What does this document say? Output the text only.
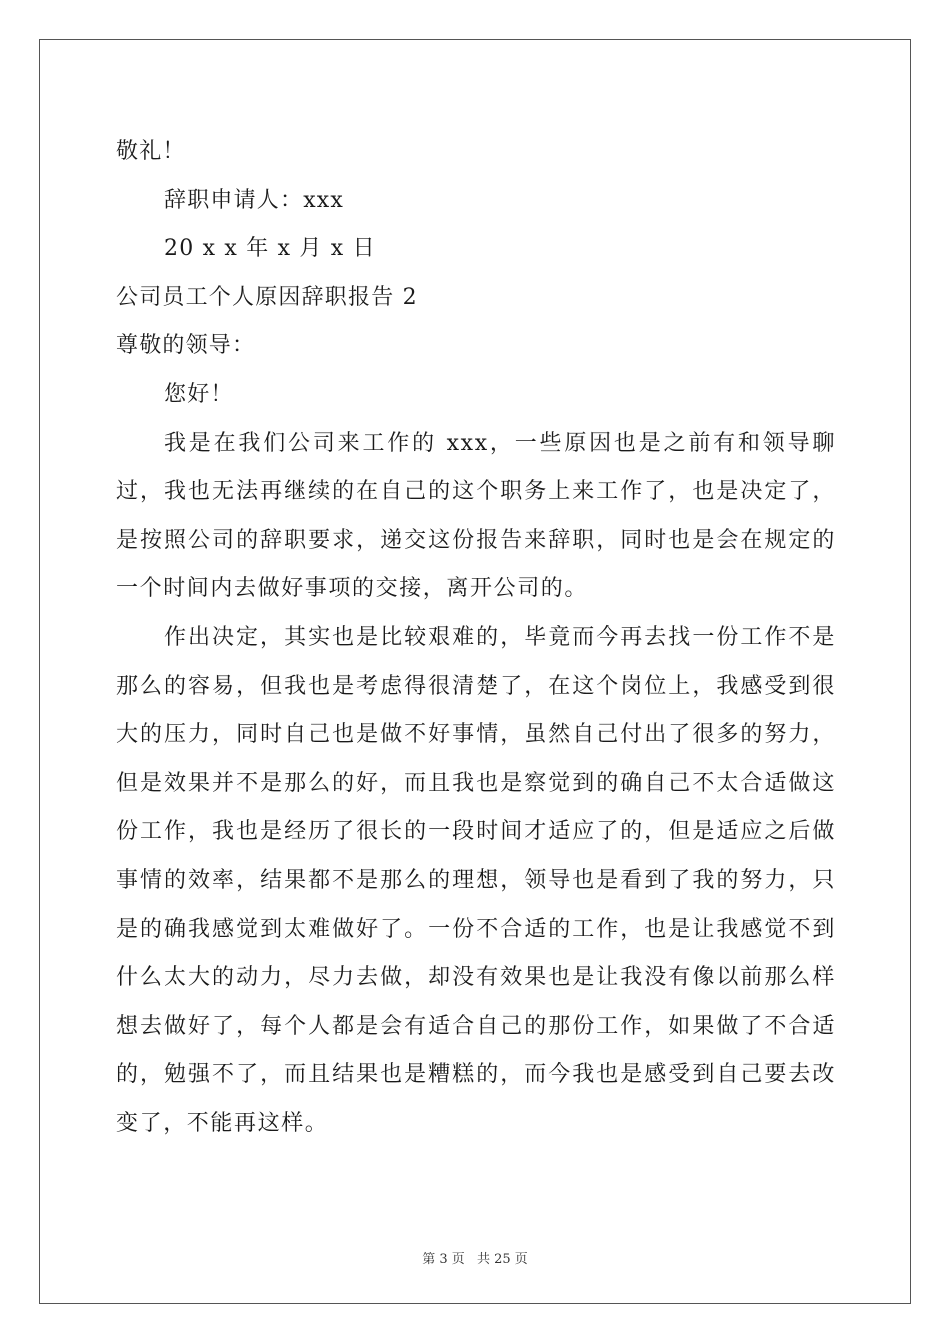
敬礼！
辞职申请人：xxx
20 x x 年 x 月 x 日
公司员工个人原因辞职报告 2
尊敬的领导：
您好！
我是在我们公司来工作的 xxx，一些原因也是之前有和领导聊过，我也无法再继续的在自己的这个职务上来工作了，也是决定了，是按照公司的辞职要求，递交这份报告来辞职，同时也是会在规定的一个时间内去做好事项的交接，离开公司的。
作出决定，其实也是比较艰难的，毕竟而今再去找一份工作不是那么的容易，但我也是考虑得很清楚了，在这个岗位上，我感受到很大的压力，同时自己也是做不好事情，虽然自己付出了很多的努力，但是效果并不是那么的好，而且我也是察觉到的确自己不太合适做这份工作，我也是经历了很长的一段时间才适应了的，但是适应之后做事情的效率，结果都不是那么的理想，领导也是看到了我的努力，只是的确我感觉到太难做好了。一份不合适的工作，也是让我感觉不到什么太大的动力，尽力去做，却没有效果也是让我没有像以前那么样想去做好了，每个人都是会有适合自己的那份工作，如果做了不合适的，勉强不了，而且结果也是糟糕的，而今我也是感受到自己要去改变了，不能再这样。
第 3 页 共 25 页
